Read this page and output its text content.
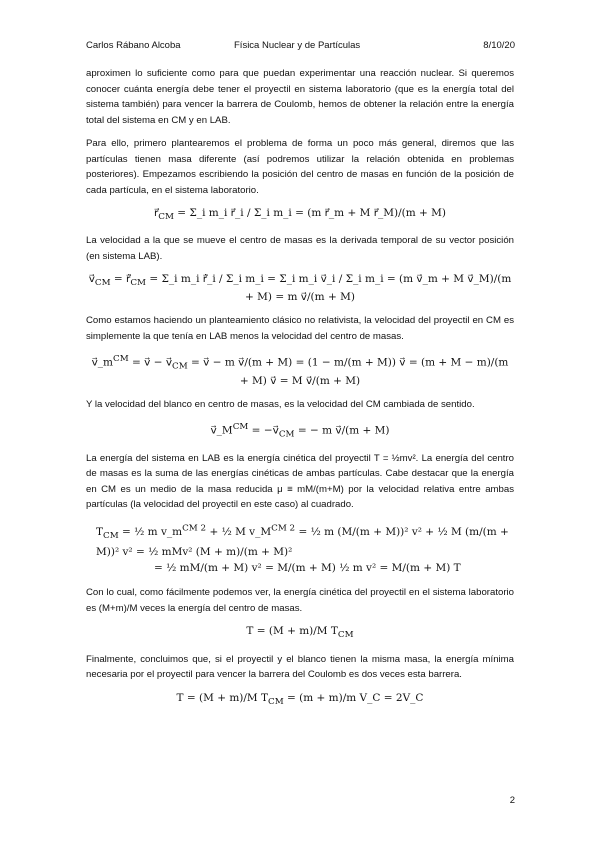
Carlos Rábano Alcoba	Física Nuclear y de Partículas	8/10/20

aproximen lo suficiente como para que puedan experimentar una reacción nuclear. Si queremos conocer cuánta energía debe tener el proyectil en sistema laboratorio (que es la energía total del sistema también) para vencer la barrera de Coulomb, hemos de obtener la relación entre la energía total del sistema en CM y en LAB.

Para ello, primero plantearemos el problema de forma un poco más general, diremos que las partículas tienen masa diferente (así podremos utilizar la relación obtenida en problemas posteriores). Empezamos escribiendo la posición del centro de masas en función de la posición de cada partícula, en el sistema laboratorio.

$r⃗_{CM}$ = Σ_i m_i r⃗_i / Σ_i m_i = (m r⃗_m + M r⃗_M)/(m + M)

La velocidad a la que se mueve el centro de masas es la derivada temporal de su vector posición (en sistema LAB).

$v⃗_{CM}$ = $r⃗̇_{CM}$ = Σ_i m_i r⃗̇_i / Σ_i m_i = Σ_i m_i v⃗_i / Σ_i m_i = (m v⃗_m + M v⃗_M)/(m + M) = m v⃗/(m + M)

Como estamos haciendo un planteamiento clásico no relativista, la velocidad del proyectil en CM es simplemente la que tenía en LAB menos la velocidad del centro de masas.

$v⃗\_m^{CM}$ = v⃗ − $v⃗_{CM}$ = v⃗ − m v⃗/(m + M) = (1 − m/(m + M)) v⃗ = (m + M − m)/(m + M) v⃗ = M v⃗/(m + M)

Y la velocidad del blanco en centro de masas, es la velocidad del CM cambiada de sentido.

$v⃗\_M^{CM}$ = $-v⃗_{CM}$ = − m v⃗/(m + M)

La energía del sistema en LAB es la energía cinética del proyectil T = ½mv². La energía del centro de masas es la suma de las energías cinéticas de ambas partículas. Cabe destacar que la energía en CM es un medio de la masa reducida μ ≡ mM/(m+M) por la velocidad relativa entre ambas partículas (la velocidad del proyectil en este caso) al cuadrado.

$T_{CM}$ = ½ m $v\_m^{CM 2}$ + ½ M $v\_M^{CM 2}$ = ½ m (M/(m + M))² v² + ½ M (m/(m + M))² v² = ½ mMv² (M + m)/(m + M)²
= ½ mM/(m + M) v² = M/(m + M) ½ m v² = M/(m + M) T

Con lo cual, como fácilmente podemos ver, la energía cinética del proyectil en el sistema laboratorio es (M+m)/M veces la energía del centro de masas.

T = (M + m)/M $T_{CM}$

Finalmente, concluimos que, si el proyectil y el blanco tienen la misma masa, la energía mínima necesaria por el proyectil para vencer la barrera del Coulomb es dos veces esta barrera.

T = (M + m)/M $T_{CM} = (m + m)/m$ V_C = 2V_C
2
